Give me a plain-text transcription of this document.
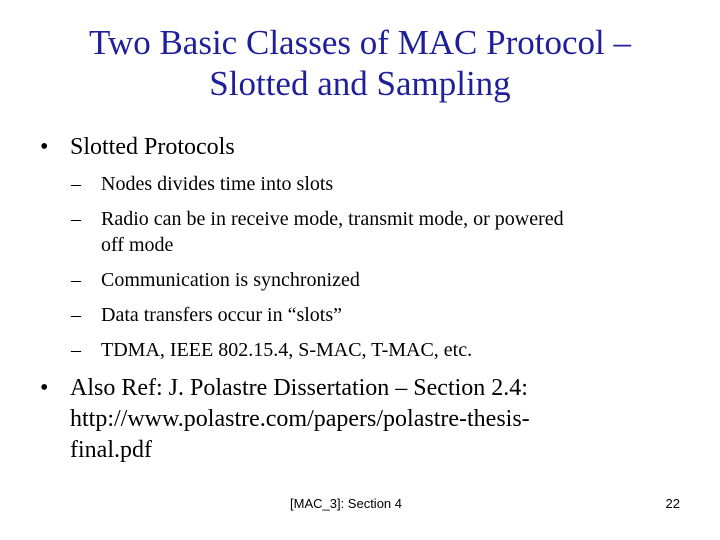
Two Basic Classes of MAC Protocol –
Slotted and Sampling
• Slotted Protocols
– Nodes divides time into slots
– Radio can be in receive mode, transmit mode, or powered
off mode
– Communication is synchronized
– Data transfers occur in “slots”
– TDMA, IEEE 802.15.4, S-MAC, T-MAC, etc.
• Also Ref: J. Polastre Dissertation – Section 2.4:
http://www.polastre.com/papers/polastre-thesis-
final.pdf
[MAC_3]: Section 4	22
